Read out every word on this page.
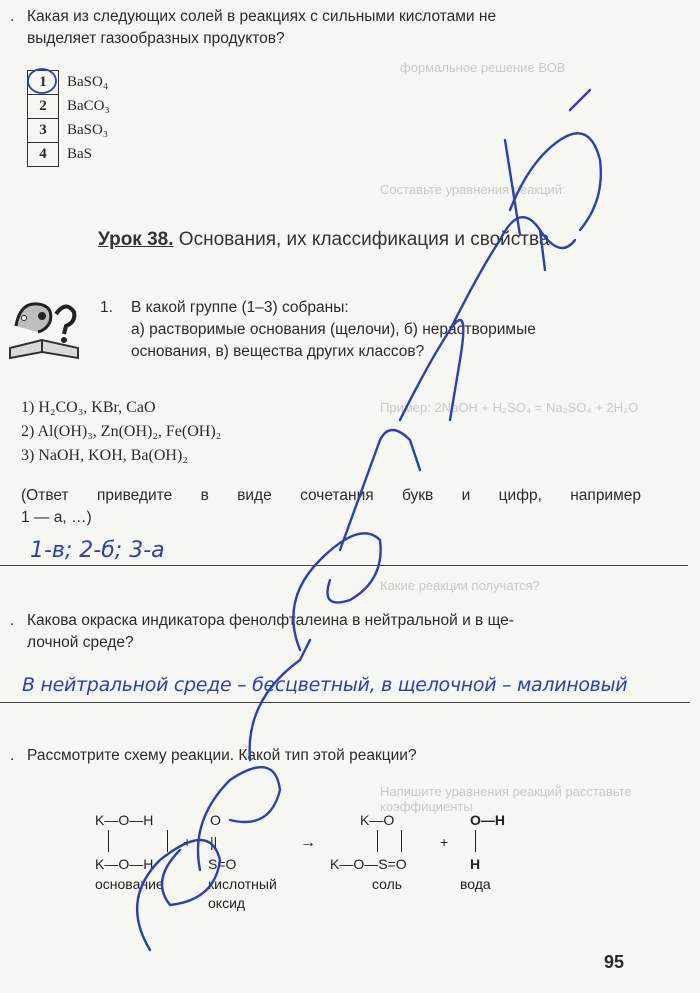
формальное решение ВОВ
Составьте уравнения реакций:
Пример: 2NaOH + H₂SO₄ = Na₂SO₄ + 2H₂O
Какие реакции получатся?
Напишите уравнения реакций расставьте коэффициенты
. Какая из следующих солей в реакциях с сильными кислотами не
выделяет газообразных продуктов?
1	BaSO₄
2	BaCO₃
3	BaSO₃
4	BaS
Урок 38. Основания, их классификация и свойства
1. В какой группе (1–3) собраны:
а) растворимые основания (щелочи), б) нерастворимые
основания, в) вещества других классов?
1) H₂CO₃, KBr, CaO
2) Al(OH)₃, Zn(OH)₂, Fe(OH)₂
3) NaOH, KOH, Ba(OH)₂
(Ответ приведите в виде сочетания букв и цифр, например
1 — а, …)
1-в; 2-б; 3-а
. Какова окраска индикатора фенолфталеина в нейтральной и в ще-
лочной среде?
В нейтральной среде – бесцветный, в щелочной – малиновый
. Рассмотрите схему реакции. Какой тип этой реакции?
K—O—H
K—O—H
+
O
||
S=O
→
K—O
K—O—S=O
+
O—H
H
основание	кислотный
оксид
соль	вода
95
